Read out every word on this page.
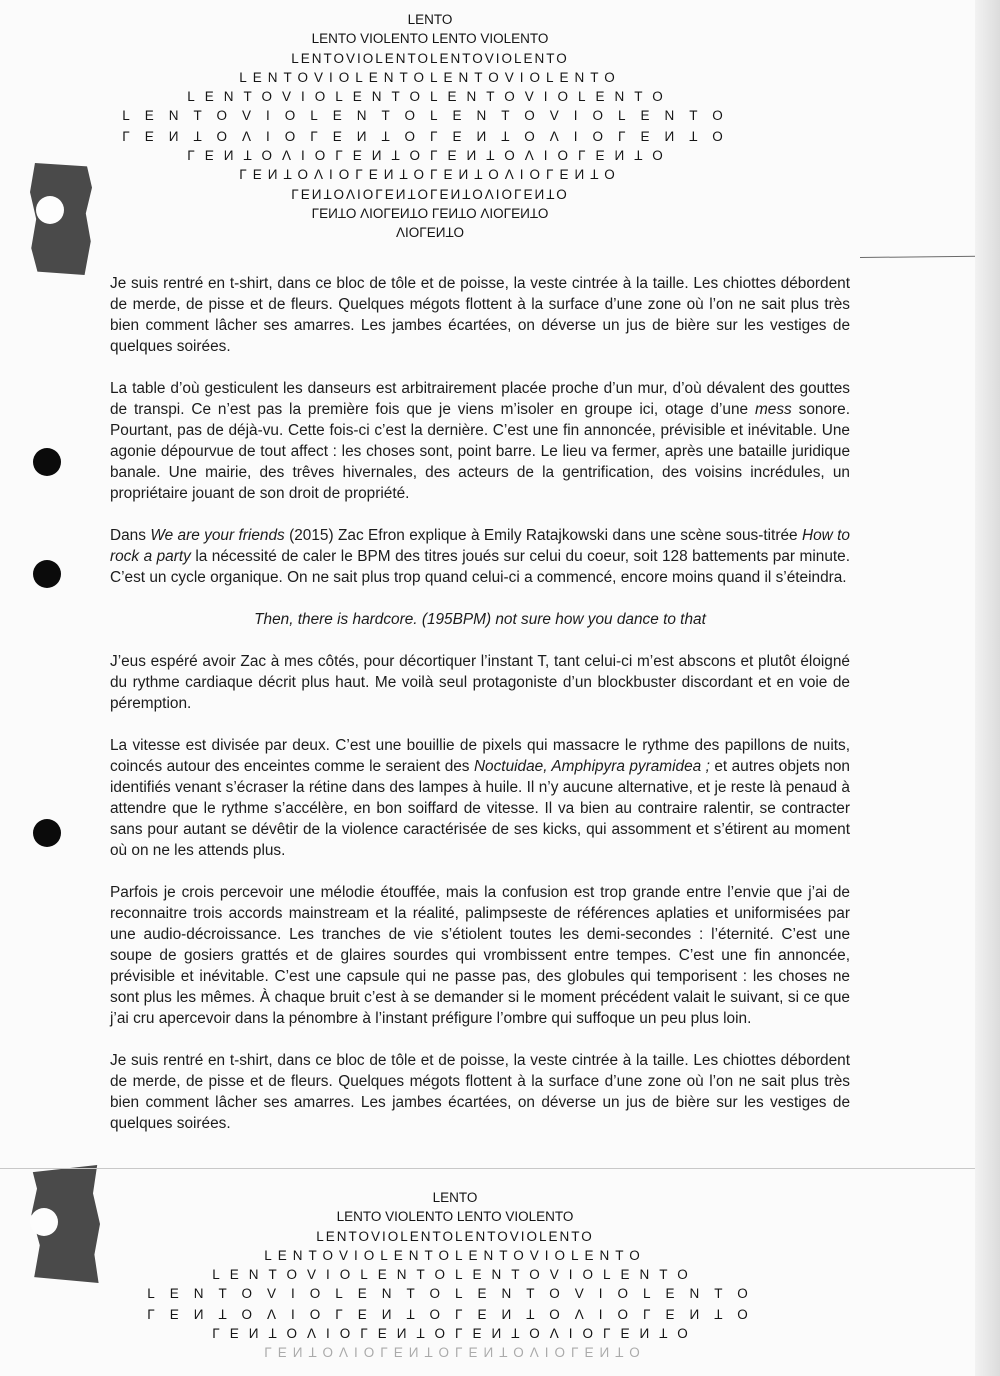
LENTO
LENTO VIOLENTO LENTO VIOLENTO
LENTOVIOLENTOLENTOVIOLENTO
LENTOVIOLENTOLENTOVIOLENTO
LENTOVIOLENTOLENTOVIOLENTO
LENTOVIOLENTOLENTOVIOLENTO
LENTOVIOLENTOLENTOVIOLENTO
LENTOVIOLENTOLENTOVIOLENTO
LENTOVIOLENTOLENTOVIOLENTO
LENTOVIOLENTOLENTOVIOLENTO
LENTO VIOLENTO LENTO VIOLENTO
VIOLENTO

Je suis rentré en t-shirt, dans ce bloc de tôle et de poisse, la veste cintrée à la taille. Les chiottes débordent de merde, de pisse et de fleurs. Quelques mégots flottent à la surface d’une zone où l’on ne sait plus très bien comment lâcher ses amarres. Les jambes écartées, on déverse un jus de bière sur les vestiges de quelques soirées.

La table d’où gesticulent les danseurs est arbitrairement placée proche d’un mur, d’où dévalent des gouttes de transpi. Ce n’est pas la première fois que je viens m’isoler en groupe ici, otage d’une mess sonore. Pourtant, pas de déjà-vu. Cette fois-ci c’est la dernière. C’est une fin annoncée, prévisible et inévitable. Une agonie dépourvue de tout affect : les choses sont, point barre. Le lieu va fermer, après une bataille juridique banale. Une mairie, des trêves hivernales, des acteurs de la gentrification, des voisins incrédules, un propriétaire jouant de son droit de propriété.

Dans We are your friends (2015) Zac Efron explique à Emily Ratajkowski dans une scène sous-titrée How to rock a party la nécessité de caler le BPM des titres joués sur celui du coeur, soit 128 battements par minute. C’est un cycle organique. On ne sait plus trop quand celui-ci a commencé, encore moins quand il s’éteindra.

Then, there is hardcore. (195BPM) not sure how you dance to that

J’eus espéré avoir Zac à mes côtés, pour décortiquer l’instant T, tant celui-ci m’est abscons et plutôt éloigné du rythme cardiaque décrit plus haut. Me voilà seul protagoniste d’un blockbuster discordant et en voie de péremption.

La vitesse est divisée par deux. C’est une bouillie de pixels qui massacre le rythme des papillons de nuits, coincés autour des enceintes comme le seraient des Noctuidae, Amphipyra pyramidea ; et autres objets non identifiés venant s’écraser la rétine dans des lampes à huile. Il n’y aucune alternative, et je reste là penaud à attendre que le rythme s’accélère, en bon soiffard de vitesse. Il va bien au contraire ralentir, se contracter sans pour autant se dévêtir de la violence caractérisée de ses kicks, qui assomment et s’étirent au moment où on ne les attends plus.

Parfois je crois percevoir une mélodie étouffée, mais la confusion est trop grande entre l’envie que j’ai de reconnaitre trois accords mainstream et la réalité, palimpseste de références aplaties et uniformisées par une audio-décroissance. Les tranches de vie s’étiolent toutes les demi-secondes : l’éternité. C’est une soupe de gosiers grattés et de glaires sourdes qui vrombissent entre tempes. C’est une fin annoncée, prévisible et inévitable. C’est une capsule qui ne passe pas, des globules qui temporisent : les choses ne sont plus les mêmes. À chaque bruit c’est à se demander si le moment précédent valait le suivant, si ce que j’ai cru apercevoir dans la pénombre à l’instant préfigure l’ombre qui suffoque un peu plus loin.

Je suis rentré en t-shirt, dans ce bloc de tôle et de poisse, la veste cintrée à la taille. Les chiottes débordent de merde, de pisse et de fleurs. Quelques mégots flottent à la surface d’une zone où l’on ne sait plus très bien comment lâcher ses amarres. Les jambes écartées, on déverse un jus de bière sur les vestiges de quelques soirées.

LENTO
LENTO VIOLENTO LENTO VIOLENTO
LENTOVIOLENTOLENTOVIOLENTO
LENTOVIOLENTOLENTOVIOLENTO
LENTOVIOLENTOLENTOVIOLENTO
LENTOVIOLENTOLENTOVIOLENTO
LENTOVIOLENTOLENTOVIOLENTO
LENTOVIOLENTOLENTOVIOLENTO
LENTOVIOLENTOLENTOVIOLENTO
